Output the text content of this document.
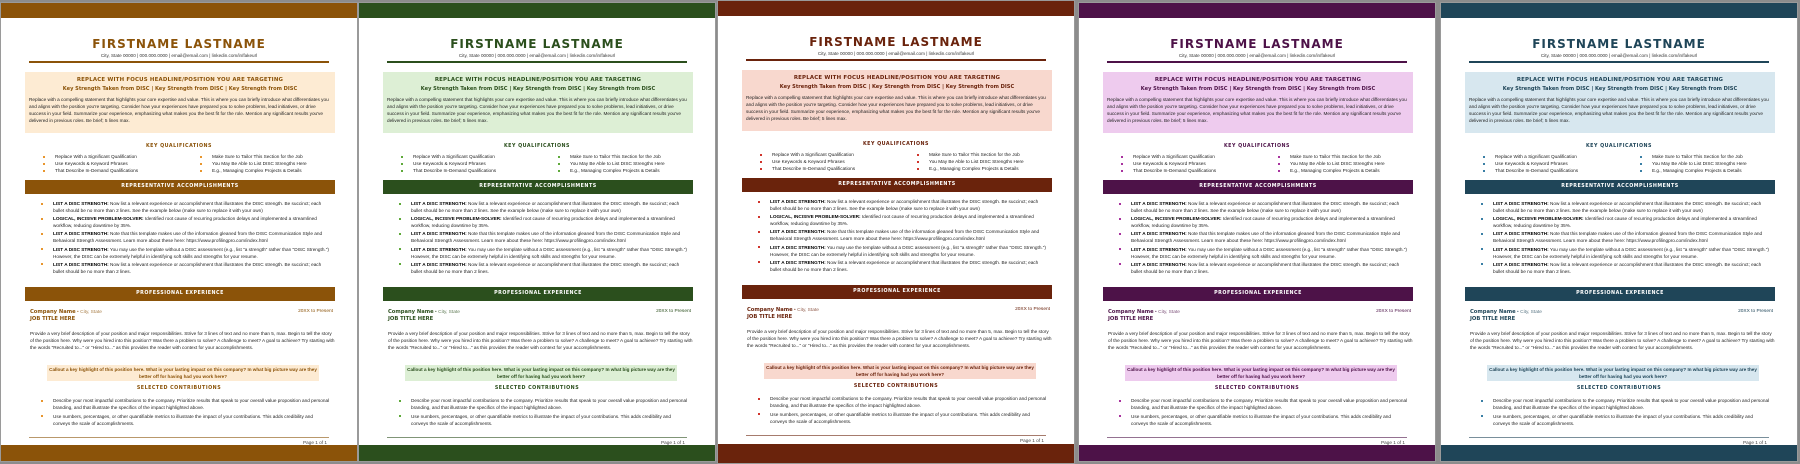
FIRSTNAME LASTNAME
City, State 00000 | 000.000.0000 | email@email.com | linkedin.com/in/fakeurl
REPLACE WITH FOCUS HEADLINE/POSITION YOU ARE TARGETING
Key Strength Taken from DISC | Key Strength from DISC | Key Strength from DISC

Replace with a compelling statement that highlights your core expertise and value. This is where you can briefly introduce what differentiates you and aligns with the position you're targeting. Consider how your experiences have prepared you to solve problems, lead initiatives, or drive success in your field. Summarize your experience, emphasizing what makes you the best fit for the role. Mention any significant results you've delivered in previous roles. Be brief; 5 lines max.

KEY QUALIFICATIONS
Replace With a Significant Qualification	Make Sure to Tailor This Section for the Job
Use Keywords & Keyword Phrases	You May Be Able to List DISC Strengths Here
That Describe In-Demand Qualifications	E.g., Managing Complex Projects & Details
REPRESENTATIVE ACCOMPLISHMENTS
LIST A DISC STRENGTH: Now list a relevant experience or accomplishment that illustrates the DISC strength. Be succinct; each bullet should be no more than 2 lines. See the example below (make sure to replace it with your own)
LOGICAL, INCISIVE PROBLEM-SOLVER: Identified root cause of recurring production delays and implemented a streamlined workflow, reducing downtime by 35%.
LIST A DISC STRENGTH: Note that this template makes use of the information gleaned from the DISC Communication Style and Behavioral Strength Assessment. Learn more about these here: https://www.profilingpro.com/index.html
LIST A DISC STRENGTH: You may use the template without a DISC assessment (e.g., list "a strength" rather than "DISC Strength.") However, the DISC can be extremely helpful in identifying soft skills and strengths for your resume.
LIST A DISC STRENGTH: Now list a relevant experience or accomplishment that illustrates the DISC strength. Be succinct; each bullet should be no more than 2 lines.
PROFESSIONAL EXPERIENCE
Company Name • City, State	20XX to Present
JOB TITLE HERE
Provide a very brief description of your position and major responsibilities. Strive for 3 lines of text and no more than 5, max. Begin to tell the story of the position here. Why were you hired into this position? Was there a problem to solve? A challenge to meet? A goal to achieve? Try starting with the words "Recruited to..." or "Hired to..." as this provides the reader with context for your accomplishments.
Callout a key highlight of this position here. What is your lasting impact on this company? In what big picture way are they better off for having had you work here?
SELECTED CONTRIBUTIONS
Describe your most impactful contributions to the company. Prioritize results that speak to your overall value proposition and personal branding, and that illustrate the specifics of the impact highlighted above.
Use numbers, percentages, or other quantifiable metrics to illustrate the impact of your contributions. This adds credibility and conveys the scale of accomplishments.
Page 1 of 1
FIRSTNAME LASTNAME
City, State 00000 | 000.000.0000 | email@email.com | linkedin.com/in/fakeurl
REPLACE WITH FOCUS HEADLINE/POSITION YOU ARE TARGETING
Key Strength Taken from DISC | Key Strength from DISC | Key Strength from DISC

Replace with a compelling statement that highlights your core expertise and value. This is where you can briefly introduce what differentiates you and aligns with the position you're targeting. Consider how your experiences have prepared you to solve problems, lead initiatives, or drive success in your field. Summarize your experience, emphasizing what makes you the best fit for the role. Mention any significant results you've delivered in previous roles. Be brief; 5 lines max.

KEY QUALIFICATIONS
Replace With a Significant Qualification	Make Sure to Tailor This Section for the Job
Use Keywords & Keyword Phrases	You May Be Able to List DISC Strengths Here
That Describe In-Demand Qualifications	E.g., Managing Complex Projects & Details
REPRESENTATIVE ACCOMPLISHMENTS
LIST A DISC STRENGTH: Now list a relevant experience or accomplishment that illustrates the DISC strength. Be succinct; each bullet should be no more than 2 lines. See the example below (make sure to replace it with your own)
LOGICAL, INCISIVE PROBLEM-SOLVER: Identified root cause of recurring production delays and implemented a streamlined workflow, reducing downtime by 35%.
LIST A DISC STRENGTH: Note that this template makes use of the information gleaned from the DISC Communication Style and Behavioral Strength Assessment. Learn more about these here: https://www.profilingpro.com/index.html
LIST A DISC STRENGTH: You may use the template without a DISC assessment (e.g., list "a strength" rather than "DISC Strength.") However, the DISC can be extremely helpful in identifying soft skills and strengths for your resume.
LIST A DISC STRENGTH: Now list a relevant experience or accomplishment that illustrates the DISC strength. Be succinct; each bullet should be no more than 2 lines.
PROFESSIONAL EXPERIENCE
Company Name • City, State	20XX to Present
JOB TITLE HERE
Provide a very brief description of your position and major responsibilities. Strive for 3 lines of text and no more than 5, max. Begin to tell the story of the position here. Why were you hired into this position? Was there a problem to solve? A challenge to meet? A goal to achieve? Try starting with the words "Recruited to..." or "Hired to..." as this provides the reader with context for your accomplishments.
Callout a key highlight of this position here. What is your lasting impact on this company? In what big picture way are they better off for having had you work here?
SELECTED CONTRIBUTIONS
Describe your most impactful contributions to the company. Prioritize results that speak to your overall value proposition and personal branding, and that illustrate the specifics of the impact highlighted above.
Use numbers, percentages, or other quantifiable metrics to illustrate the impact of your contributions. This adds credibility and conveys the scale of accomplishments.
Page 1 of 1
FIRSTNAME LASTNAME
City, State 00000 | 000.000.0000 | email@email.com | linkedin.com/in/fakeurl
REPLACE WITH FOCUS HEADLINE/POSITION YOU ARE TARGETING
Key Strength Taken from DISC | Key Strength from DISC | Key Strength from DISC

Replace with a compelling statement that highlights your core expertise and value. This is where you can briefly introduce what differentiates you and aligns with the position you're targeting. Consider how your experiences have prepared you to solve problems, lead initiatives, or drive success in your field. Summarize your experience, emphasizing what makes you the best fit for the role. Mention any significant results you've delivered in previous roles. Be brief; 5 lines max.

KEY QUALIFICATIONS
Replace With a Significant Qualification	Make Sure to Tailor This Section for the Job
Use Keywords & Keyword Phrases	You May Be Able to List DISC Strengths Here
That Describe In-Demand Qualifications	E.g., Managing Complex Projects & Details
REPRESENTATIVE ACCOMPLISHMENTS
LIST A DISC STRENGTH: Now list a relevant experience or accomplishment that illustrates the DISC strength. Be succinct; each bullet should be no more than 2 lines. See the example below (make sure to replace it with your own)
LOGICAL, INCISIVE PROBLEM-SOLVER: Identified root cause of recurring production delays and implemented a streamlined workflow, reducing downtime by 35%.
LIST A DISC STRENGTH: Note that this template makes use of the information gleaned from the DISC Communication Style and Behavioral Strength Assessment. Learn more about these here: https://www.profilingpro.com/index.html
LIST A DISC STRENGTH: You may use the template without a DISC assessment (e.g., list "a strength" rather than "DISC Strength.") However, the DISC can be extremely helpful in identifying soft skills and strengths for your resume.
LIST A DISC STRENGTH: Now list a relevant experience or accomplishment that illustrates the DISC strength. Be succinct; each bullet should be no more than 2 lines.
PROFESSIONAL EXPERIENCE
Company Name • City, State	20XX to Present
JOB TITLE HERE
Provide a very brief description of your position and major responsibilities. Strive for 3 lines of text and no more than 5, max. Begin to tell the story of the position here. Why were you hired into this position? Was there a problem to solve? A challenge to meet? A goal to achieve? Try starting with the words "Recruited to..." or "Hired to..." as this provides the reader with context for your accomplishments.
Callout a key highlight of this position here. What is your lasting impact on this company? In what big picture way are they better off for having had you work here?
SELECTED CONTRIBUTIONS
Describe your most impactful contributions to the company. Prioritize results that speak to your overall value proposition and personal branding, and that illustrate the specifics of the impact highlighted above.
Use numbers, percentages, or other quantifiable metrics to illustrate the impact of your contributions. This adds credibility and conveys the scale of accomplishments.
Page 1 of 1
FIRSTNAME LASTNAME
City, State 00000 | 000.000.0000 | email@email.com | linkedin.com/in/fakeurl
REPLACE WITH FOCUS HEADLINE/POSITION YOU ARE TARGETING
Key Strength Taken from DISC | Key Strength from DISC | Key Strength from DISC

Replace with a compelling statement that highlights your core expertise and value. This is where you can briefly introduce what differentiates you and aligns with the position you're targeting. Consider how your experiences have prepared you to solve problems, lead initiatives, or drive success in your field. Summarize your experience, emphasizing what makes you the best fit for the role. Mention any significant results you've delivered in previous roles. Be brief; 5 lines max.

KEY QUALIFICATIONS
Replace With a Significant Qualification	Make Sure to Tailor This Section for the Job
Use Keywords & Keyword Phrases	You May Be Able to List DISC Strengths Here
That Describe In-Demand Qualifications	E.g., Managing Complex Projects & Details
REPRESENTATIVE ACCOMPLISHMENTS
LIST A DISC STRENGTH: Now list a relevant experience or accomplishment that illustrates the DISC strength. Be succinct; each bullet should be no more than 2 lines. See the example below (make sure to replace it with your own)
LOGICAL, INCISIVE PROBLEM-SOLVER: Identified root cause of recurring production delays and implemented a streamlined workflow, reducing downtime by 35%.
LIST A DISC STRENGTH: Note that this template makes use of the information gleaned from the DISC Communication Style and Behavioral Strength Assessment. Learn more about these here: https://www.profilingpro.com/index.html
LIST A DISC STRENGTH: You may use the template without a DISC assessment (e.g., list "a strength" rather than "DISC Strength.") However, the DISC can be extremely helpful in identifying soft skills and strengths for your resume.
LIST A DISC STRENGTH: Now list a relevant experience or accomplishment that illustrates the DISC strength. Be succinct; each bullet should be no more than 2 lines.
PROFESSIONAL EXPERIENCE
Company Name • City, State	20XX to Present
JOB TITLE HERE
Provide a very brief description of your position and major responsibilities. Strive for 3 lines of text and no more than 5, max. Begin to tell the story of the position here. Why were you hired into this position? Was there a problem to solve? A challenge to meet? A goal to achieve? Try starting with the words "Recruited to..." or "Hired to..." as this provides the reader with context for your accomplishments.
Callout a key highlight of this position here. What is your lasting impact on this company? In what big picture way are they better off for having had you work here?
SELECTED CONTRIBUTIONS
Describe your most impactful contributions to the company. Prioritize results that speak to your overall value proposition and personal branding, and that illustrate the specifics of the impact highlighted above.
Use numbers, percentages, or other quantifiable metrics to illustrate the impact of your contributions. This adds credibility and conveys the scale of accomplishments.
Page 1 of 1
FIRSTNAME LASTNAME
City, State 00000 | 000.000.0000 | email@email.com | linkedin.com/in/fakeurl
REPLACE WITH FOCUS HEADLINE/POSITION YOU ARE TARGETING
Key Strength Taken from DISC | Key Strength from DISC | Key Strength from DISC

Replace with a compelling statement that highlights your core expertise and value. This is where you can briefly introduce what differentiates you and aligns with the position you're targeting. Consider how your experiences have prepared you to solve problems, lead initiatives, or drive success in your field. Summarize your experience, emphasizing what makes you the best fit for the role. Mention any significant results you've delivered in previous roles. Be brief; 5 lines max.

KEY QUALIFICATIONS
Replace With a Significant Qualification	Make Sure to Tailor This Section for the Job
Use Keywords & Keyword Phrases	You May Be Able to List DISC Strengths Here
That Describe In-Demand Qualifications	E.g., Managing Complex Projects & Details
REPRESENTATIVE ACCOMPLISHMENTS
LIST A DISC STRENGTH: Now list a relevant experience or accomplishment that illustrates the DISC strength. Be succinct; each bullet should be no more than 2 lines. See the example below (make sure to replace it with your own)
LOGICAL, INCISIVE PROBLEM-SOLVER: Identified root cause of recurring production delays and implemented a streamlined workflow, reducing downtime by 35%.
LIST A DISC STRENGTH: Note that this template makes use of the information gleaned from the DISC Communication Style and Behavioral Strength Assessment. Learn more about these here: https://www.profilingpro.com/index.html
LIST A DISC STRENGTH: You may use the template without a DISC assessment (e.g., list "a strength" rather than "DISC Strength.") However, the DISC can be extremely helpful in identifying soft skills and strengths for your resume.
LIST A DISC STRENGTH: Now list a relevant experience or accomplishment that illustrates the DISC strength. Be succinct; each bullet should be no more than 2 lines.
PROFESSIONAL EXPERIENCE
Company Name • City, State	20XX to Present
JOB TITLE HERE
Provide a very brief description of your position and major responsibilities. Strive for 3 lines of text and no more than 5, max. Begin to tell the story of the position here. Why were you hired into this position? Was there a problem to solve? A challenge to meet? A goal to achieve? Try starting with the words "Recruited to..." or "Hired to..." as this provides the reader with context for your accomplishments.
Callout a key highlight of this position here. What is your lasting impact on this company? In what big picture way are they better off for having had you work here?
SELECTED CONTRIBUTIONS
Describe your most impactful contributions to the company. Prioritize results that speak to your overall value proposition and personal branding, and that illustrate the specifics of the impact highlighted above.
Use numbers, percentages, or other quantifiable metrics to illustrate the impact of your contributions. This adds credibility and conveys the scale of accomplishments.
Page 1 of 1
